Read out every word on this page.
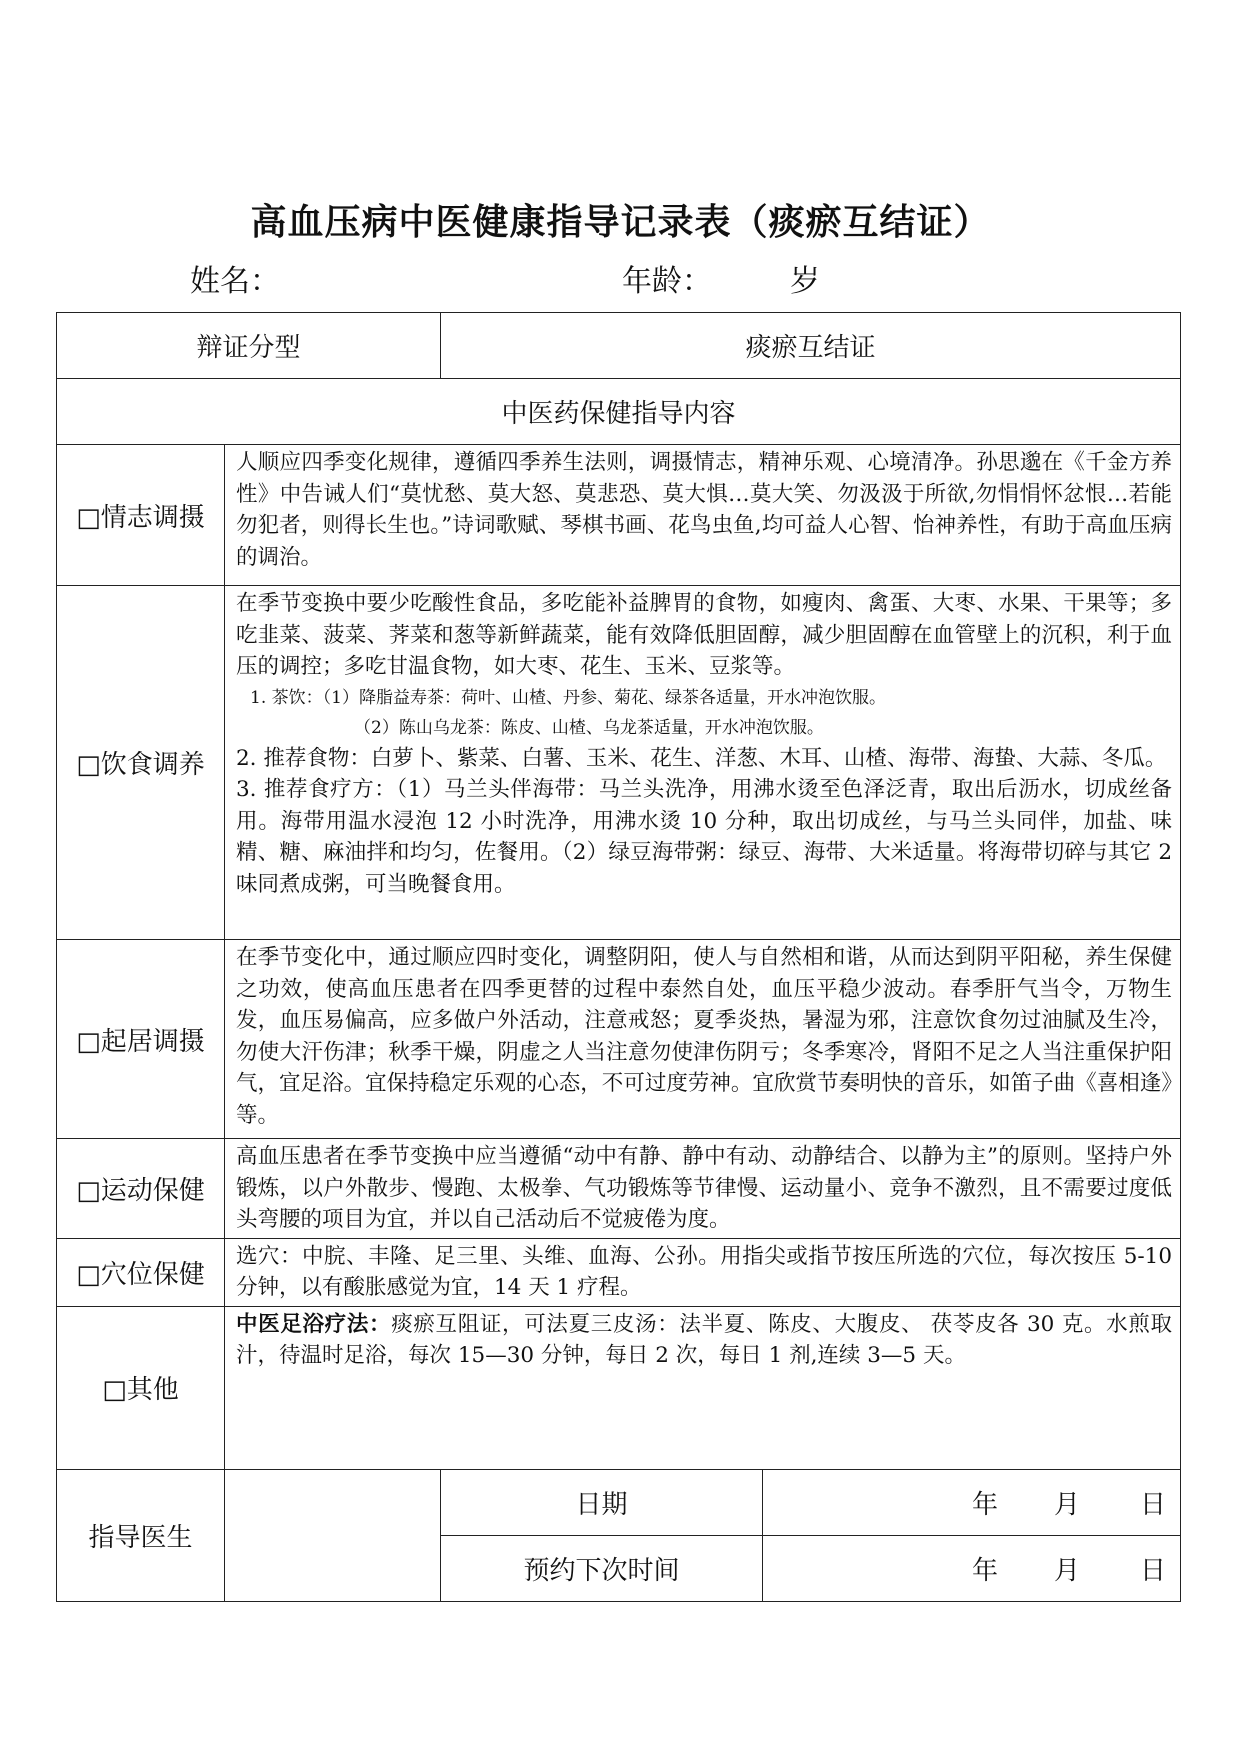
高血压病中医健康指导记录表（痰瘀互结证）
姓名：	年龄：	岁
辩证分型		痰瘀互结证	
中医药保健指导内容			
□情志调摄	人顺应四季变化规律，遵循四季养生法则，调摄情志，精神乐观、心境清净。孙思邈在《千金方养性》中告诫人们“莫忧愁、莫大怒、莫悲恐、莫大惧…莫大笑、勿汲汲于所欲,勿悁悁怀忿恨…若能勿犯者，则得长生也。”诗词歌赋、琴棋书画、花鸟虫鱼,均可益人心智、怡神养性，有助于高血压病的调治。		

□饮食调养	在季节变换中要少吃酸性食品，多吃能补益脾胃的食物，如瘦肉、禽蛋、大枣、水果、干果等；多吃韭菜、菠菜、荠菜和葱等新鲜蔬菜，能有效降低胆固醇，减少胆固醇在血管壁上的沉积，利于血压的调控；多吃甘温食物，如大枣、花生、玉米、豆浆等。

1. 茶饮：（1）降脂益寿茶：荷叶、山楂、丹参、菊花、绿茶各适量，开水冲泡饮服。

（2）陈山乌龙茶：陈皮、山楂、乌龙茶适量，开水冲泡饮服。

2. 推荐食物：白萝卜、紫菜、白薯、玉米、花生、洋葱、木耳、山楂、海带、海蛰、大蒜、冬瓜。

3. 推荐食疗方：（1）马兰头伴海带：马兰头洗净，用沸水烫至色泽泛青，取出后沥水，切成丝备用。海带用温水浸泡 12 小时洗净，用沸水烫 10 分种，取出切成丝，与马兰头同伴，加盐、味精、糖、麻油拌和均匀，佐餐用。（2）绿豆海带粥：绿豆、海带、大米适量。将海带切碎与其它 2 味同煮成粥，可当晚餐食用。		

□起居调摄	在季节变化中，通过顺应四时变化，调整阴阳，使人与自然相和谐，从而达到阴平阳秘，养生保健之功效，使高血压患者在四季更替的过程中泰然自处，血压平稳少波动。春季肝气当令，万物生发，血压易偏高，应多做户外活动，注意戒怒；夏季炎热，暑湿为邪，注意饮食勿过油腻及生冷，勿使大汗伤津；秋季干燥，阴虚之人当注意勿使津伤阴亏；冬季寒冷，肾阳不足之人当注重保护阳气，宜足浴。宜保持稳定乐观的心态，不可过度劳神。宜欣赏节奏明快的音乐，如笛子曲《喜相逢》等。		

□运动保健	高血压患者在季节变换中应当遵循“动中有静、静中有动、动静结合、以静为主”的原则。坚持户外锻炼，以户外散步、慢跑、太极拳、气功锻炼等节律慢、运动量小、竞争不激烈，且不需要过度低头弯腰的项目为宜，并以自己活动后不觉疲倦为度。		

□穴位保健	选穴：中脘、丰隆、足三里、头维、血海、公孙。用指尖或指节按压所选的穴位，每次按压 5-10 分钟，以有酸胀感觉为宜，14 天 1 疗程。		

□其他	中医足浴疗法：痰瘀互阻证，可法夏三皮汤：法半夏、陈皮、大腹皮、 茯苓皮各 30 克。水煎取汁，待温时足浴，每次 15—30 分钟，每日 2 次，每日 1 剂,连续 3—5 天。		

指导医生		日期	年 月 日
		预约下次时间	年 月 日
